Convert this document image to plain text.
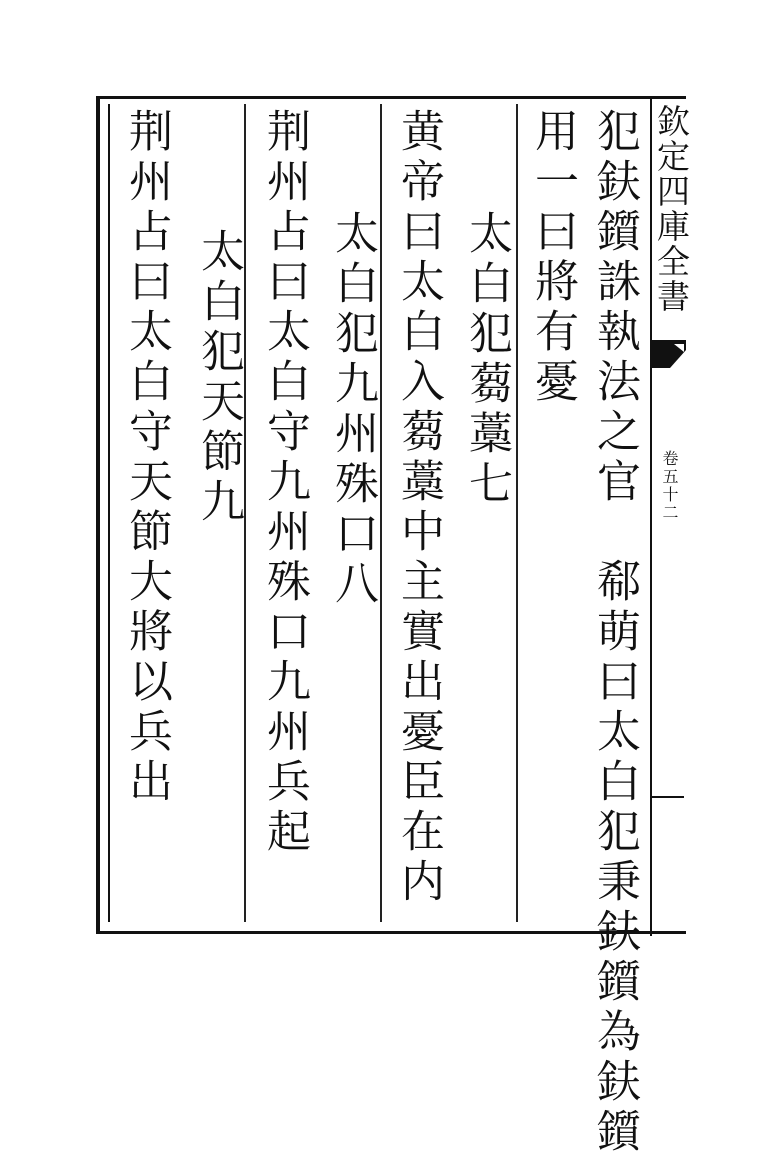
犯鈇鑕誅執法之官　郗萌曰太白犯秉鈇鑕為鈇鑕
用一曰將有憂
太白犯蒭藁七
黄帝曰太白入蒭藁中主實出憂臣在内
太白犯九州殊口八
荆州占曰太白守九州殊口九州兵起
太白犯天節九
荆州占曰太白守天節大將以兵出	欽定四庫全書
卷五十二
